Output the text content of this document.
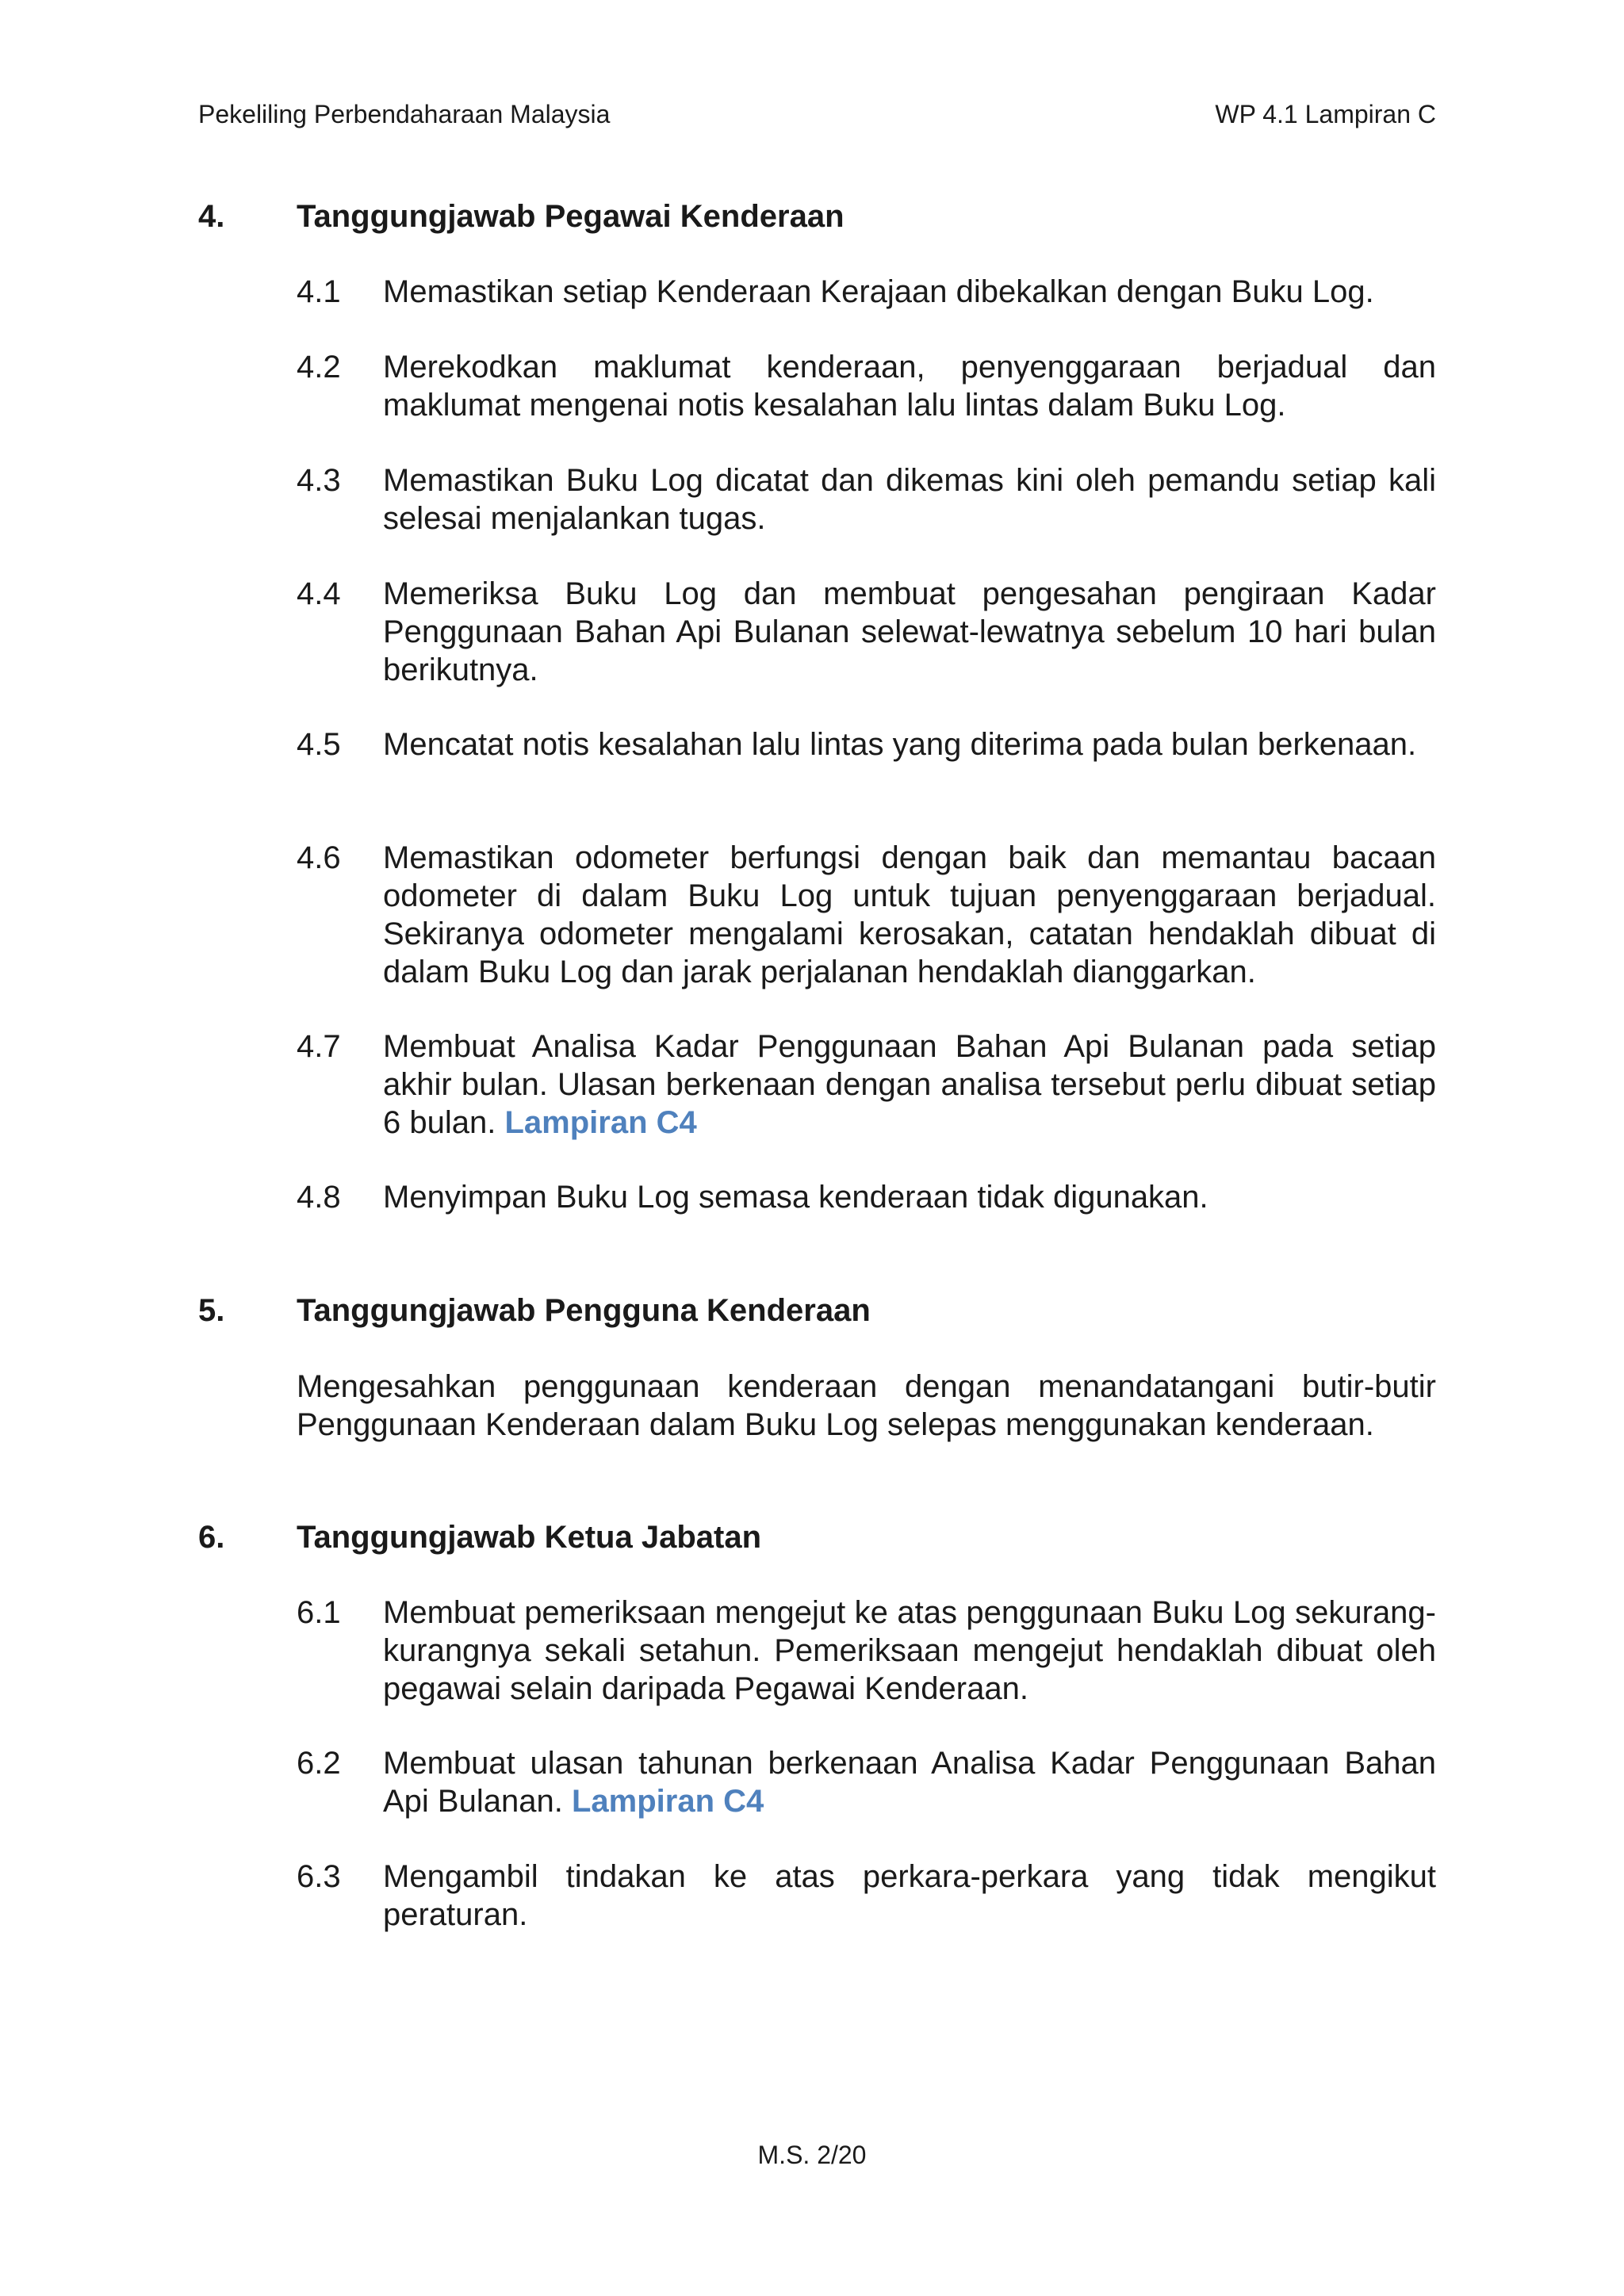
Pekeliling Perbendaharaan Malaysia	WP 4.1 Lampiran C
4. Tanggungjawab Pegawai Kenderaan
4.1 Memastikan setiap Kenderaan Kerajaan dibekalkan dengan Buku Log.
4.2 Merekodkan maklumat kenderaan, penyenggaraan berjadual dan maklumat mengenai notis kesalahan lalu lintas dalam Buku Log.
4.3 Memastikan Buku Log dicatat dan dikemas kini oleh pemandu setiap kali selesai menjalankan tugas.
4.4 Memeriksa Buku Log dan membuat pengesahan pengiraan Kadar Penggunaan Bahan Api Bulanan selewat-lewatnya sebelum 10 hari bulan berikutnya.
4.5 Mencatat notis kesalahan lalu lintas yang diterima pada bulan berkenaan.
4.6 Memastikan odometer berfungsi dengan baik dan memantau bacaan odometer di dalam Buku Log untuk tujuan penyenggaraan berjadual. Sekiranya odometer mengalami kerosakan, catatan hendaklah dibuat di dalam Buku Log dan jarak perjalanan hendaklah dianggarkan.
4.7 Membuat Analisa Kadar Penggunaan Bahan Api Bulanan pada setiap akhir bulan. Ulasan berkenaan dengan analisa tersebut perlu dibuat setiap 6 bulan. Lampiran C4
4.8 Menyimpan Buku Log semasa kenderaan tidak digunakan.
5. Tanggungjawab Pengguna Kenderaan
Mengesahkan penggunaan kenderaan dengan menandatangani butir-butir Penggunaan Kenderaan dalam Buku Log selepas menggunakan kenderaan.
6. Tanggungjawab Ketua Jabatan
6.1 Membuat pemeriksaan mengejut ke atas penggunaan Buku Log sekurang-kurangnya sekali setahun. Pemeriksaan mengejut hendaklah dibuat oleh pegawai selain daripada Pegawai Kenderaan.
6.2 Membuat ulasan tahunan berkenaan Analisa Kadar Penggunaan Bahan Api Bulanan. Lampiran C4
6.3 Mengambil tindakan ke atas perkara-perkara yang tidak mengikut peraturan.
M.S. 2/20
